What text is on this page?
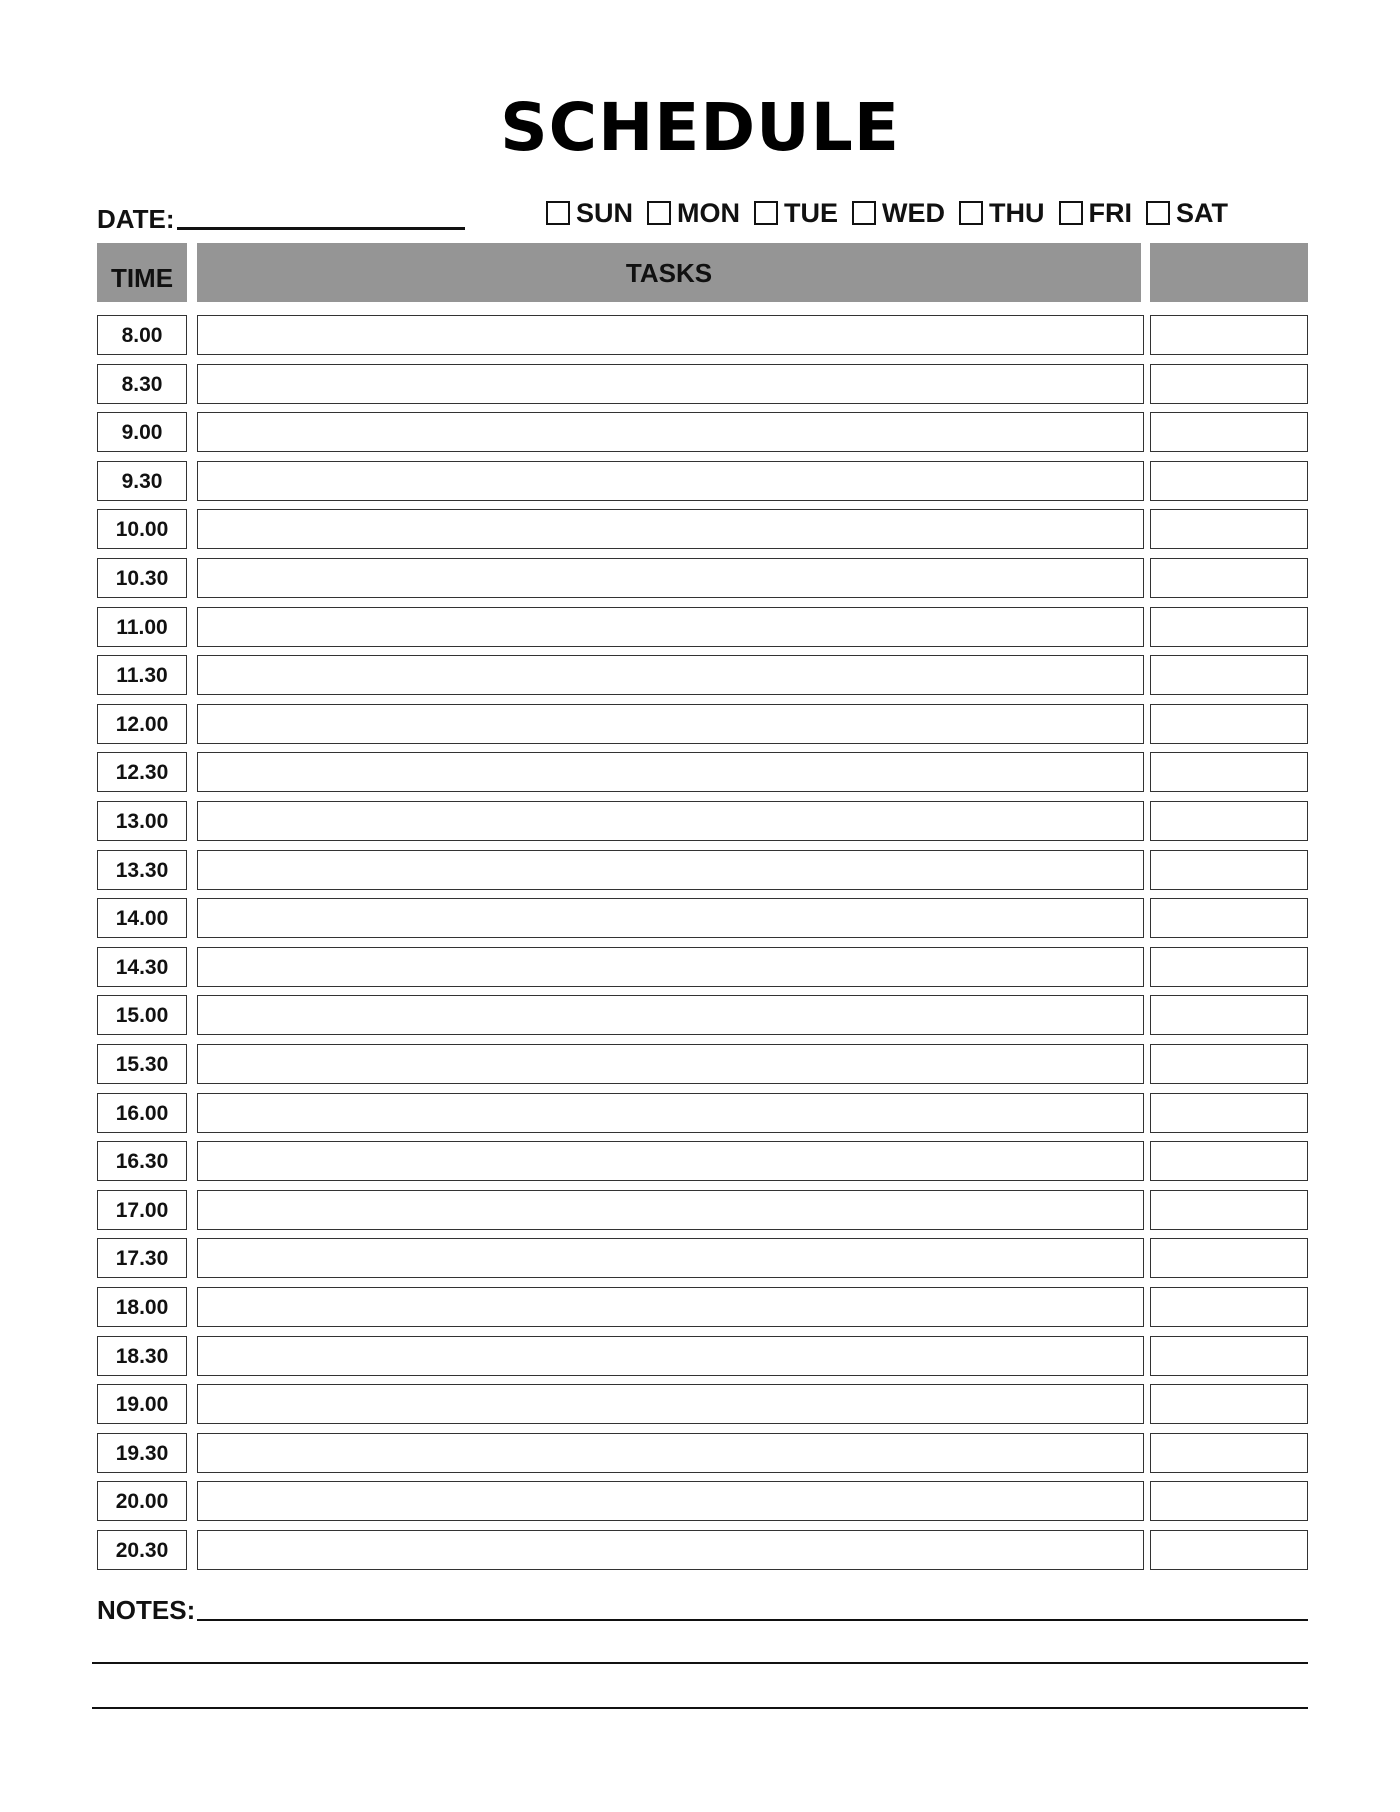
SCHEDULE
DATE:	SUN MON TUE WED THU FRI SAT
TIME	TASKS
8.00
8.30
9.00
9.30
10.00
10.30
11.00
11.30
12.00
12.30
13.00
13.30
14.00
14.30
15.00
15.30
16.00
16.30
17.00
17.30
18.00
18.30
19.00
19.30
20.00
20.30
NOTES:
